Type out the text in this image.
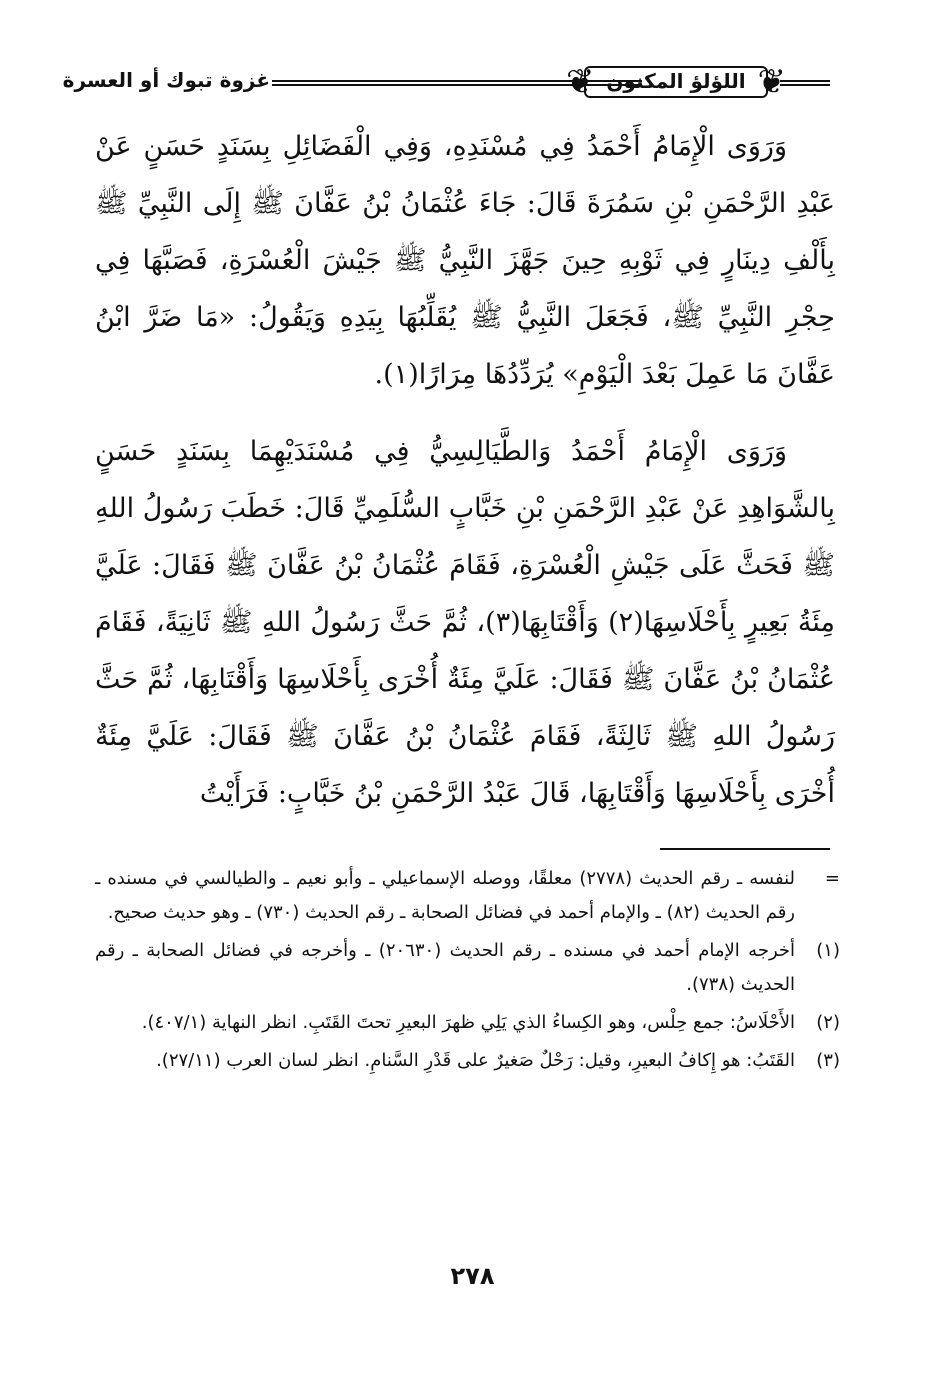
غزوة تبوك أو العسرة	❦ اللؤلؤ المكنون ❦

وَرَوَى الْإِمَامُ أَحْمَدُ فِي مُسْنَدِهِ، وَفِي الْفَضَائِلِ بِسَنَدٍ حَسَنٍ عَنْ عَبْدِ الرَّحْمَنِ بْنِ سَمُرَةَ قَالَ: جَاءَ عُثْمَانُ بْنُ عَفَّانَ ﷺ إِلَى النَّبِيِّ ﷺ بِأَلْفِ دِينَارٍ فِي ثَوْبِهِ حِينَ جَهَّزَ النَّبِيُّ ﷺ جَيْشَ الْعُسْرَةِ، فَصَبَّهَا فِي حِجْرِ النَّبِيِّ ﷺ، فَجَعَلَ النَّبِيُّ ﷺ يُقَلِّبُهَا بِيَدِهِ وَيَقُولُ: «مَا ضَرَّ ابْنُ عَفَّانَ مَا عَمِلَ بَعْدَ الْيَوْمِ» يُرَدِّدُهَا مِرَارًا(١).

وَرَوَى الْإِمَامُ أَحْمَدُ وَالطَّيَالِسِيُّ فِي مُسْنَدَيْهِمَا بِسَنَدٍ حَسَنٍ بِالشَّوَاهِدِ عَنْ عَبْدِ الرَّحْمَنِ بْنِ خَبَّابٍ السُّلَمِيِّ قَالَ: خَطَبَ رَسُولُ اللهِ ﷺ فَحَثَّ عَلَى جَيْشِ الْعُسْرَةِ، فَقَامَ عُثْمَانُ بْنُ عَفَّانَ ﷺ فَقَالَ: عَلَيَّ مِئَةُ بَعِيرٍ بِأَحْلَاسِهَا(٢) وَأَقْتَابِهَا(٣)، ثُمَّ حَثَّ رَسُولُ اللهِ ﷺ ثَانِيَةً، فَقَامَ عُثْمَانُ بْنُ عَفَّانَ ﷺ فَقَالَ: عَلَيَّ مِئَةٌ أُخْرَى بِأَحْلَاسِهَا وَأَقْتَابِهَا، ثُمَّ حَثَّ رَسُولُ اللهِ ﷺ ثَالِثَةً، فَقَامَ عُثْمَانُ بْنُ عَفَّانَ ﷺ فَقَالَ: عَلَيَّ مِئَةٌ أُخْرَى بِأَحْلَاسِهَا وَأَقْتَابِهَا، قَالَ عَبْدُ الرَّحْمَنِ بْنُ خَبَّابٍ: فَرَأَيْتُ

=
لنفسه ـ رقم الحديث (٢٧٧٨) معلقًا، ووصله الإسماعيلي ـ وأبو نعيم ـ والطيالسي في مسنده ـ رقم الحديث (٨٢) ـ والإمام أحمد في فضائل الصحابة ـ رقم الحديث (٧٣٠) ـ وهو حديث صحيح.
(١)
أخرجه الإمام أحمد في مسنده ـ رقم الحديث (٢٠٦٣٠) ـ وأخرجه في فضائل الصحابة ـ رقم الحديث (٧٣٨).
(٢)
الأَحْلَاسُ: جمع حِلْس، وهو الكِساءُ الذي يَلِي ظهرَ البعيرِ تحتَ القَتَبِ. انظر النهاية (٤٠٧/١).
(٣)
القَتَبُ: هو إِكافُ البعيرِ، وقيل: رَحْلٌ صَغيرٌ على قَدْرِ السَّنامِ. انظر لسان العرب (٢٧/١١).
٢٧٨
